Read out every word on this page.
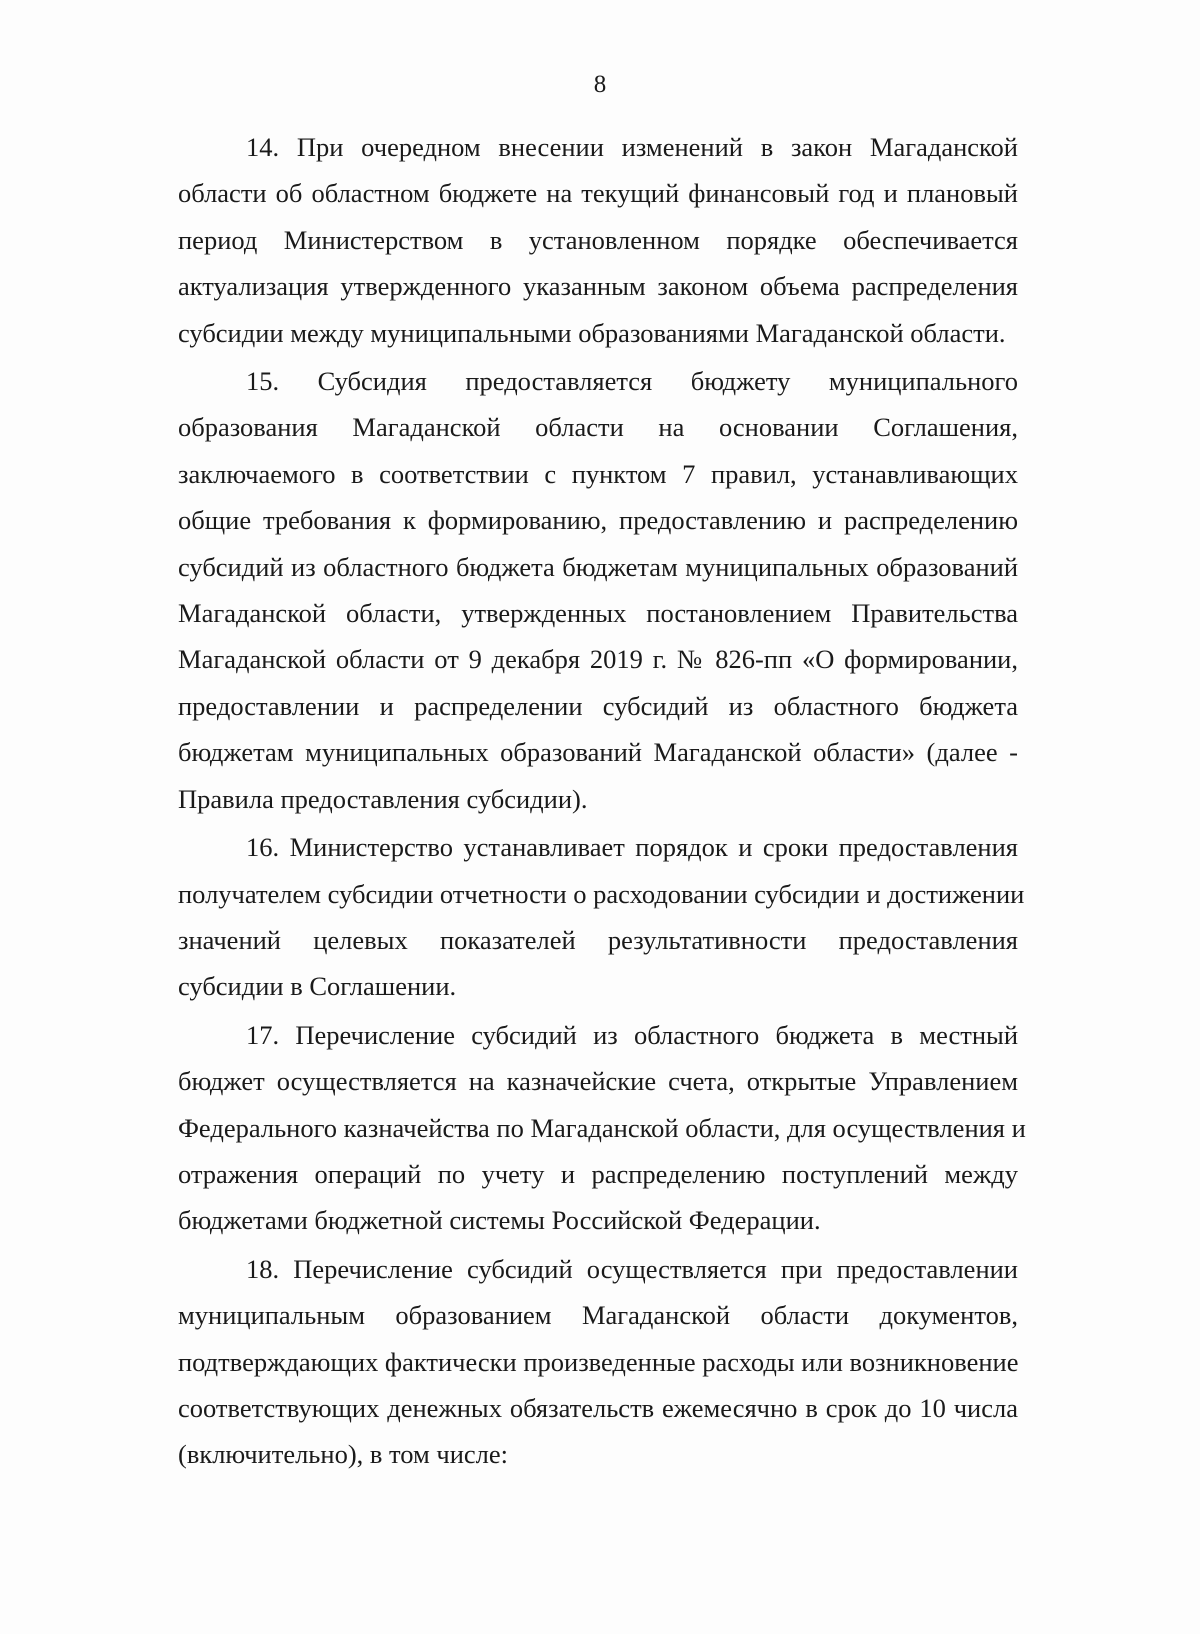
8
14. При очередном внесении изменений в закон Магаданской
области об областном бюджете на текущий финансовый год и плановый
период Министерством в установленном порядке обеспечивается
актуализация утвержденного указанным законом объема распределения
субсидии между муниципальными образованиями Магаданской области.
15. Субсидия предоставляется бюджету муниципального
образования Магаданской области на основании Соглашения,
заключаемого в соответствии с пунктом 7 правил, устанавливающих
общие требования к формированию, предоставлению и распределению
субсидий из областного бюджета бюджетам муниципальных образований
Магаданской области, утвержденных постановлением Правительства
Магаданской области от 9 декабря 2019 г. № 826-пп «О формировании,
предоставлении и распределении субсидий из областного бюджета
бюджетам муниципальных образований Магаданской области» (далее -
Правила предоставления субсидии).
16. Министерство устанавливает порядок и сроки предоставления
получателем субсидии отчетности о расходовании субсидии и достижении
значений целевых показателей результативности предоставления
субсидии в Соглашении.
17. Перечисление субсидий из областного бюджета в местный
бюджет осуществляется на казначейские счета, открытые Управлением
Федерального казначейства по Магаданской области, для осуществления и
отражения операций по учету и распределению поступлений между
бюджетами бюджетной системы Российской Федерации.
18. Перечисление субсидий осуществляется при предоставлении
муниципальным образованием Магаданской области документов,
подтверждающих фактически произведенные расходы или возникновение
соответствующих денежных обязательств ежемесячно в срок до 10 числа
(включительно), в том числе:
